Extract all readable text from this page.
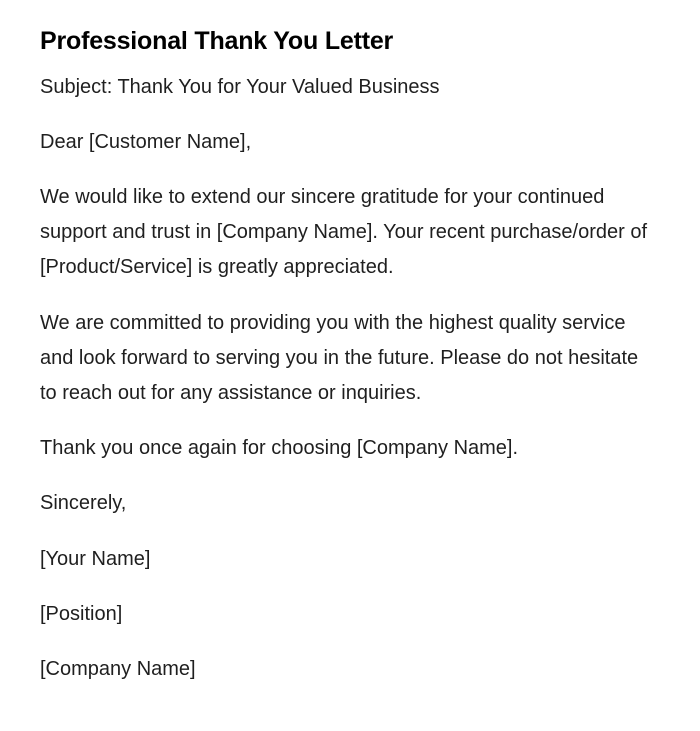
Professional Thank You Letter

Subject: Thank You for Your Valued Business

Dear [Customer Name],

We would like to extend our sincere gratitude for your continued support and trust in [Company Name]. Your recent purchase/order of [Product/Service] is greatly appreciated.

We are committed to providing you with the highest quality service and look forward to serving you in the future. Please do not hesitate to reach out for any assistance or inquiries.

Thank you once again for choosing [Company Name].

Sincerely,

[Your Name]

[Position]

[Company Name]
